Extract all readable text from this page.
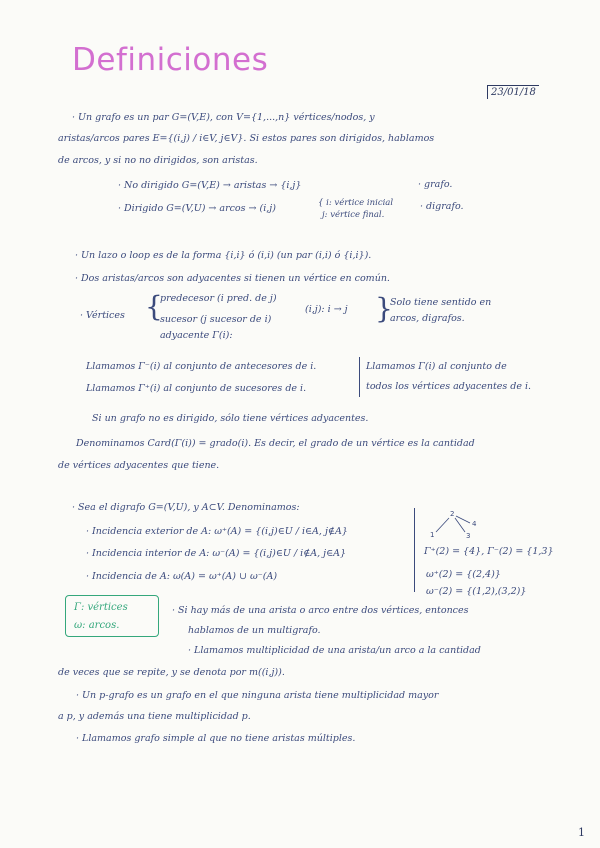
Definiciones
23/01/18
· Un grafo es un par G=(V,E), con V={1,...,n} vértices/nodos, y
aristas/arcos pares E={(i,j) / i∈V, j∈V}. Si estos pares son dirigidos, hablamos
de arcos, y si no no dirigidos, son aristas.
· No dirigido G=(V,E) → aristas → {i,j}	· grafo.
· Dirigido G=(V,U) → arcos → (i,j)	{ i: vértice inicial
j: vértice final.
· digrafo.
· Un lazo o loop es de la forma {i,i} ó (i,i) (un par (i,i) ó {i,i}).
· Dos aristas/arcos son adyacentes si tienen un vértice en común.
predecesor (i pred. de j)
· Vértices {
sucesor (j sucesor de i)
adyacente Γ(i):
(i,j): i → j }
Solo tiene sentido en
arcos, digrafos.
Llamamos Γ⁻(i) al conjunto de antecesores de i.
Llamamos Γ⁺(i) al conjunto de sucesores de i.
Llamamos Γ(i) al conjunto de
todos los vértices adyacentes de i.
Si un grafo no es dirigido, sólo tiene vértices adyacentes.
Denominamos Card(Γ(i)) = grado(i). Es decir, el grado de un vértice es la cantidad
de vértices adyacentes que tiene.
· Sea el digrafo G=(V,U), y A⊂V. Denominamos:
· Incidencia exterior de A: ω⁺(A) = {(i,j)∈U / i∈A, j∉A}
· Incidencia interior de A: ω⁻(A) = {(i,j)∈U / i∉A, j∈A}
· Incidencia de A: ω(A) = ω⁺(A) ∪ ω⁻(A)
1
2
3
4
Γ⁺(2) = {4}, Γ⁻(2) = {1,3}
ω⁺(2) = {(2,4)}
ω⁻(2) = {(1,2),(3,2)}
Γ: vértices
ω: arcos.
· Si hay más de una arista o arco entre dos vértices, entonces
hablamos de un multigrafo.
· Llamamos multiplicidad de una arista/un arco a la cantidad
de veces que se repite, y se denota por m((i,j)).
· Un p-grafo es un grafo en el que ninguna arista tiene multiplicidad mayor
a p, y además una tiene multiplicidad p.
· Llamamos grafo simple al que no tiene aristas múltiples.
1
